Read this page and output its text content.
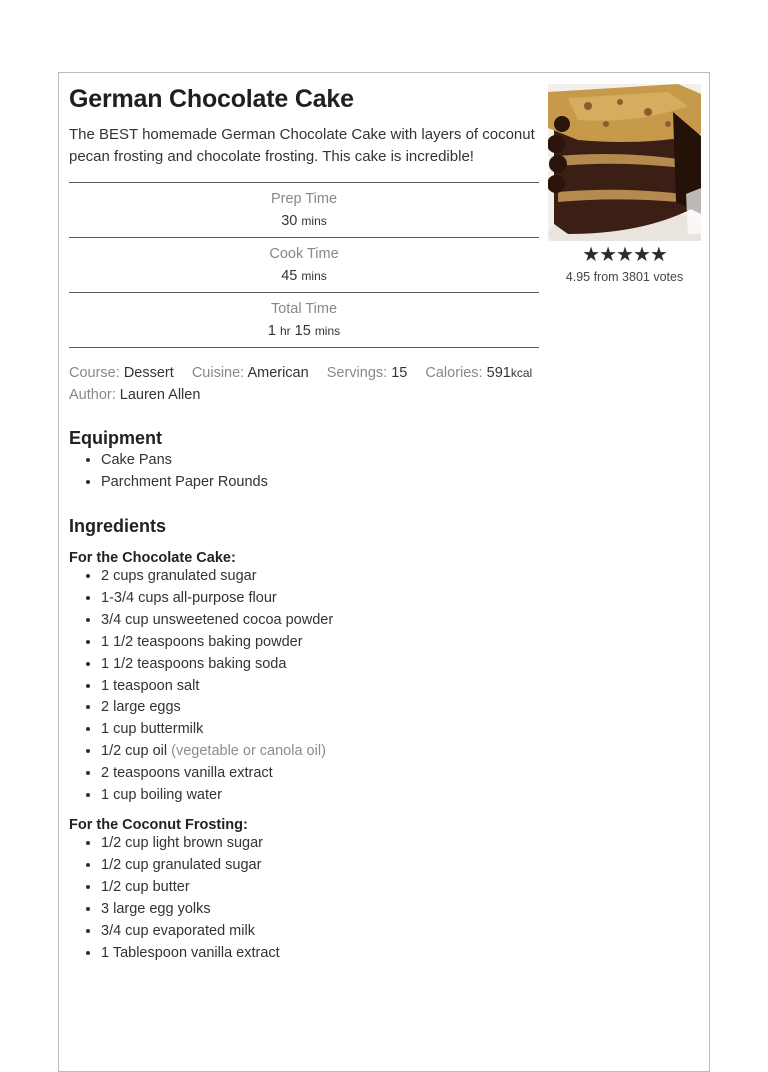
German Chocolate Cake
The BEST homemade German Chocolate Cake with layers of coconut pecan frosting and chocolate frosting. This cake is incredible!
★★★★★
4.95 from 3801 votes
Prep Time
30 mins
Cook Time
45 mins
Total Time
1 hr 15 mins
Course: Dessert Cuisine: American Servings: 15 Calories: 591kcal
Author: Lauren Allen
Equipment
• Cake Pans
• Parchment Paper Rounds
Ingredients
For the Chocolate Cake:
• 2 cups granulated sugar
• 1-3/4 cups all-purpose flour
• 3/4 cup unsweetened cocoa powder
• 1 1/2 teaspoons baking powder
• 1 1/2 teaspoons baking soda
• 1 teaspoon salt
• 2 large eggs
• 1 cup buttermilk
• 1/2 cup oil (vegetable or canola oil)
• 2 teaspoons vanilla extract
• 1 cup boiling water
For the Coconut Frosting:
• 1/2 cup light brown sugar
• 1/2 cup granulated sugar
• 1/2 cup butter
• 3 large egg yolks
• 3/4 cup evaporated milk
• 1 Tablespoon vanilla extract
